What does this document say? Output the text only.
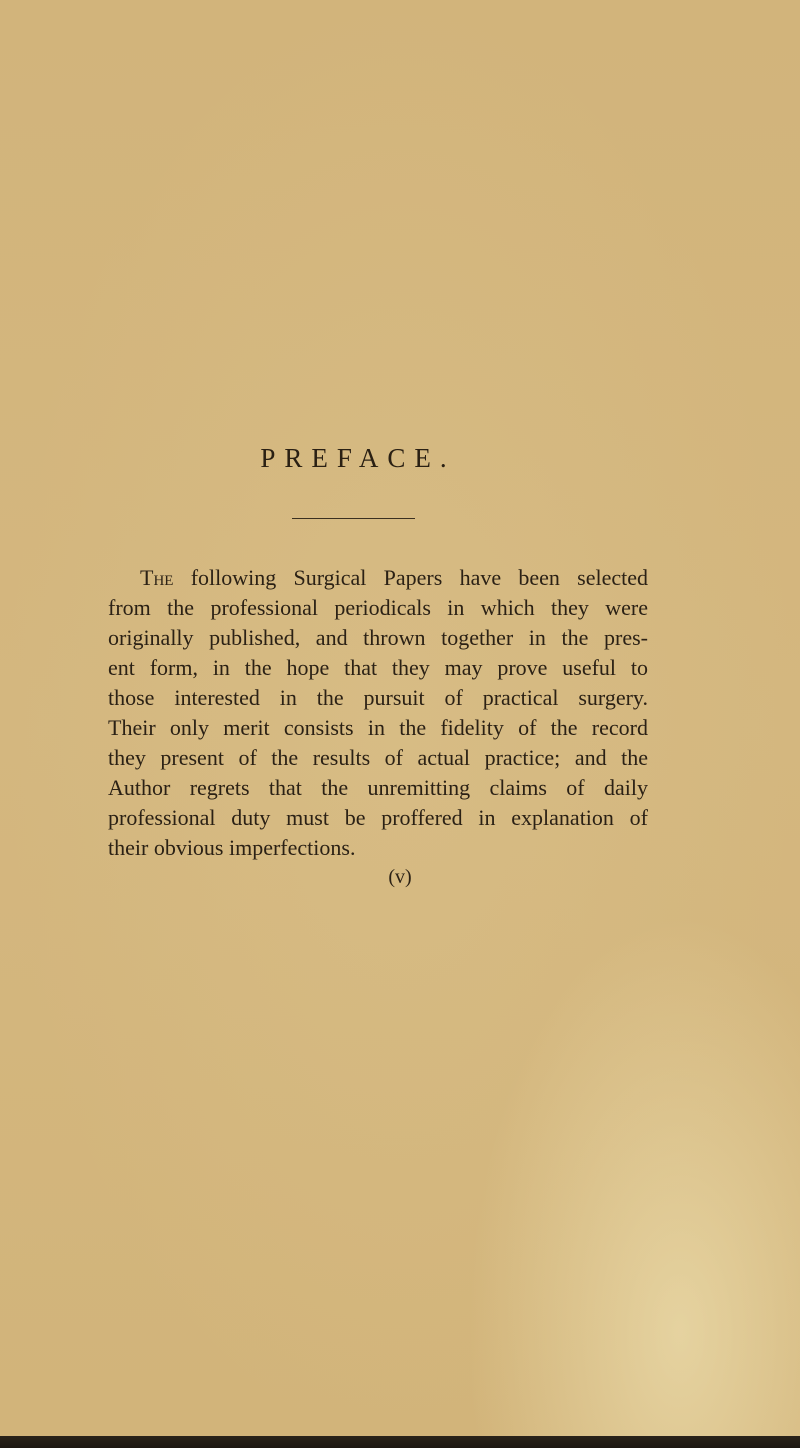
PREFACE.
The following Surgical Papers have been selected
from the professional periodicals in which they were
originally published, and thrown together in the pres-
ent form, in the hope that they may prove useful to
those interested in the pursuit of practical surgery.
Their only merit consists in the fidelity of the record
they present of the results of actual practice; and the
Author regrets that the unremitting claims of daily
professional duty must be proffered in explanation of
their obvious imperfections.
(v)
